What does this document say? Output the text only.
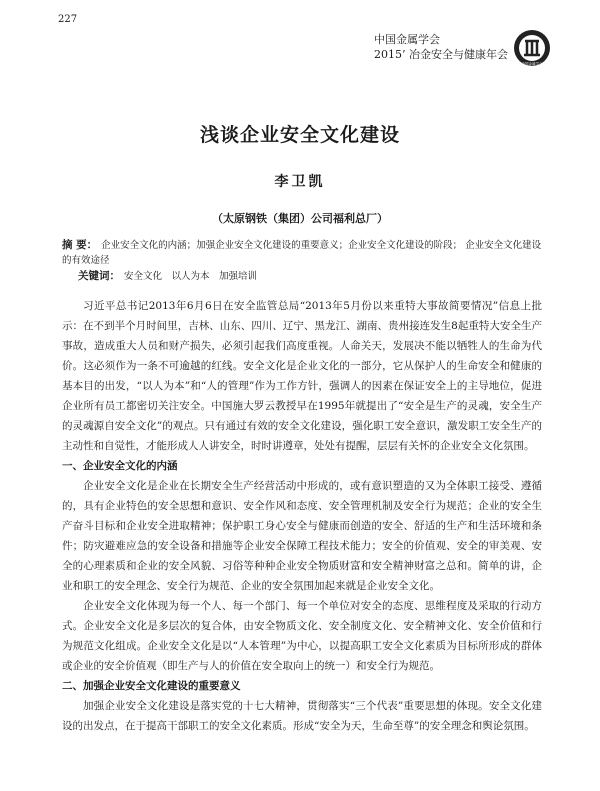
227
中国金属学会
2015’ 冶金安全与健康年会
中国金属学会
浅谈企业安全文化建设
李卫凯
（太原钢铁（集团）公司福利总厂）
摘 要： 企业安全文化的内涵；加强企业安全文化建设的重要意义；企业安全文化建设的阶段； 企业安全文化建设的有效途径
关键词： 安全文化　以人为本　加强培训

习近平总书记2013年6月6日在安全监管总局“2013年5月份以来重特大事故简要情况”信息上批示：在不到半个月时间里，吉林、山东、四川、辽宁、黑龙江、湖南、贵州接连发生8起重特大安全生产事故，造成重大人员和财产损失，必须引起我们高度重视。人命关天，发展决不能以牺牲人的生命为代价。这必须作为一条不可逾越的红线。安全文化是企业文化的一部分，它从保护人的生命安全和健康的基本目的出发，“以人为本”和“人的管理”作为工作方针，强调人的因素在保证安全上的主导地位，促进企业所有员工都密切关注安全。中国施大罗云教授早在1995年就提出了“安全是生产的灵魂，安全生产的灵魂源自安全文化”的观点。只有通过有效的安全文化建设，强化职工安全意识，激发职工安全生产的主动性和自觉性，才能形成人人讲安全，时时讲遵章，处处有提醒，层层有关怀的企业安全文化氛围。

一、企业安全文化的内涵

企业安全文化是企业在长期安全生产经营活动中形成的，或有意识塑造的又为全体职工接受、遵循的，具有企业特色的安全思想和意识、安全作风和态度、安全管理机制及安全行为规范；企业的安全生产奋斗目标和企业安全进取精神；保护职工身心安全与健康而创造的安全、舒适的生产和生活环境和条件；防灾避难应急的安全设备和措施等企业安全保障工程技术能力；安全的价值观、安全的审美观、安全的心理素质和企业的安全风貌、习俗等种种企业安全物质财富和安全精神财富之总和。简单的讲，企业和职工的安全理念、安全行为规范、企业的安全氛围加起来就是企业安全文化。

企业安全文化体现为每一个人、每一个部门、每一个单位对安全的态度、思维程度及采取的行动方式。企业安全文化是多层次的复合体，由安全物质文化、安全制度文化、安全精神文化、安全价值和行为规范文化组成。企业安全文化是以“人本管理”为中心，以提高职工安全文化素质为目标所形成的群体或企业的安全价值观（即生产与人的价值在安全取向上的统一）和安全行为规范。

二、加强企业安全文化建设的重要意义

加强企业安全文化建设是落实党的十七大精神，贯彻落实“三个代表”重要思想的体现。安全文化建设的出发点，在于提高干部职工的安全文化素质。形成“安全为天，生命至尊”的安全理念和舆论氛围。
